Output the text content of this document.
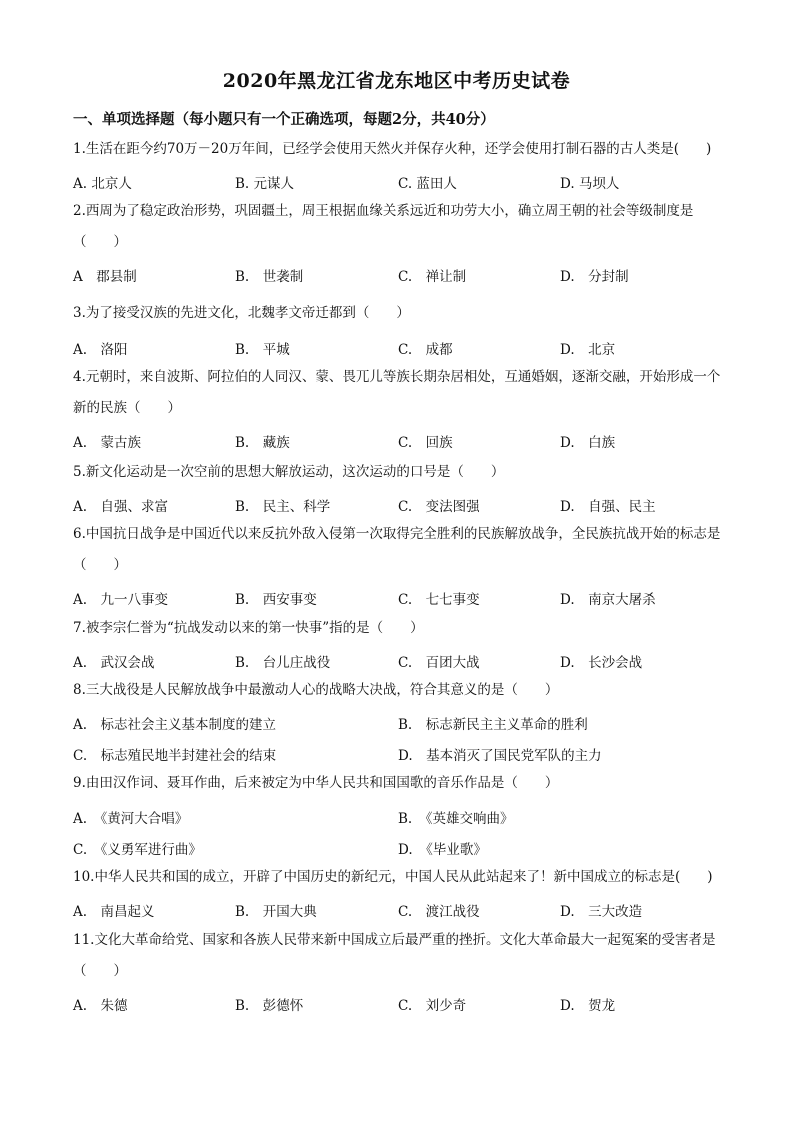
2020年黑龙江省龙东地区中考历史试卷
一、单项选择题（每小题只有一个正确选项，每题2分，共40分）
1.生活在距今约70万－20万年间，已经学会使用天然火并保存火种，还学会使用打制石器的古人类是(　　)
A. 北京人	B. 元谋人	C. 蓝田人	D. 马坝人
2.西周为了稳定政治形势，巩固疆土，周王根据血缘关系远近和功劳大小，确立周王朝的社会等级制度是（　　）
A　郡县制	B.　世袭制	C.　禅让制	D.　分封制
3.为了接受汉族的先进文化，北魏孝文帝迁都到（　　）
A.　洛阳	B.　平城	C.　成都	D.　北京
4.元朝时，来自波斯、阿拉伯的人同汉、蒙、畏兀儿等族长期杂居相处，互通婚姻，逐渐交融，开始形成一个新的民族（　　）
A.　蒙古族	B.　藏族	C.　回族	D.　白族
5.新文化运动是一次空前的思想大解放运动，这次运动的口号是（　　）
A.　自强、求富	B.　民主、科学	C.　变法图强	D.　自强、民主
6.中国抗日战争是中国近代以来反抗外敌入侵第一次取得完全胜利的民族解放战争，全民族抗战开始的标志是（　　）
A.　九一八事变	B.　西安事变	C.　七七事变	D.　南京大屠杀
7.被李宗仁誉为“抗战发动以来的第一快事”指的是（　　）
A.　武汉会战	B.　台儿庄战役	C.　百团大战	D.　长沙会战
8.三大战役是人民解放战争中最激动人心的战略大决战，符合其意义的是（　　）
A.　标志社会主义基本制度的建立	B.　标志新民主主义革命的胜利
C.　标志殖民地半封建社会的结束	D.　基本消灭了国民党军队的主力
9.由田汉作词、聂耳作曲，后来被定为中华人民共和国国歌的音乐作品是（　　）
A.　《黄河大合唱》	B.　《英雄交响曲》
C.　《义勇军进行曲》	D.　《毕业歌》
10.中华人民共和国的成立，开辟了中国历史的新纪元，中国人民从此站起来了！新中国成立的标志是(　　)
A.　南昌起义	B.　开国大典	C.　渡江战役	D.　三大改造
11.文化大革命给党、国家和各族人民带来新中国成立后最严重的挫折。文化大革命最大一起冤案的受害者是（　　）
A.　朱德	B.　彭德怀	C.　刘少奇	D.　贺龙
